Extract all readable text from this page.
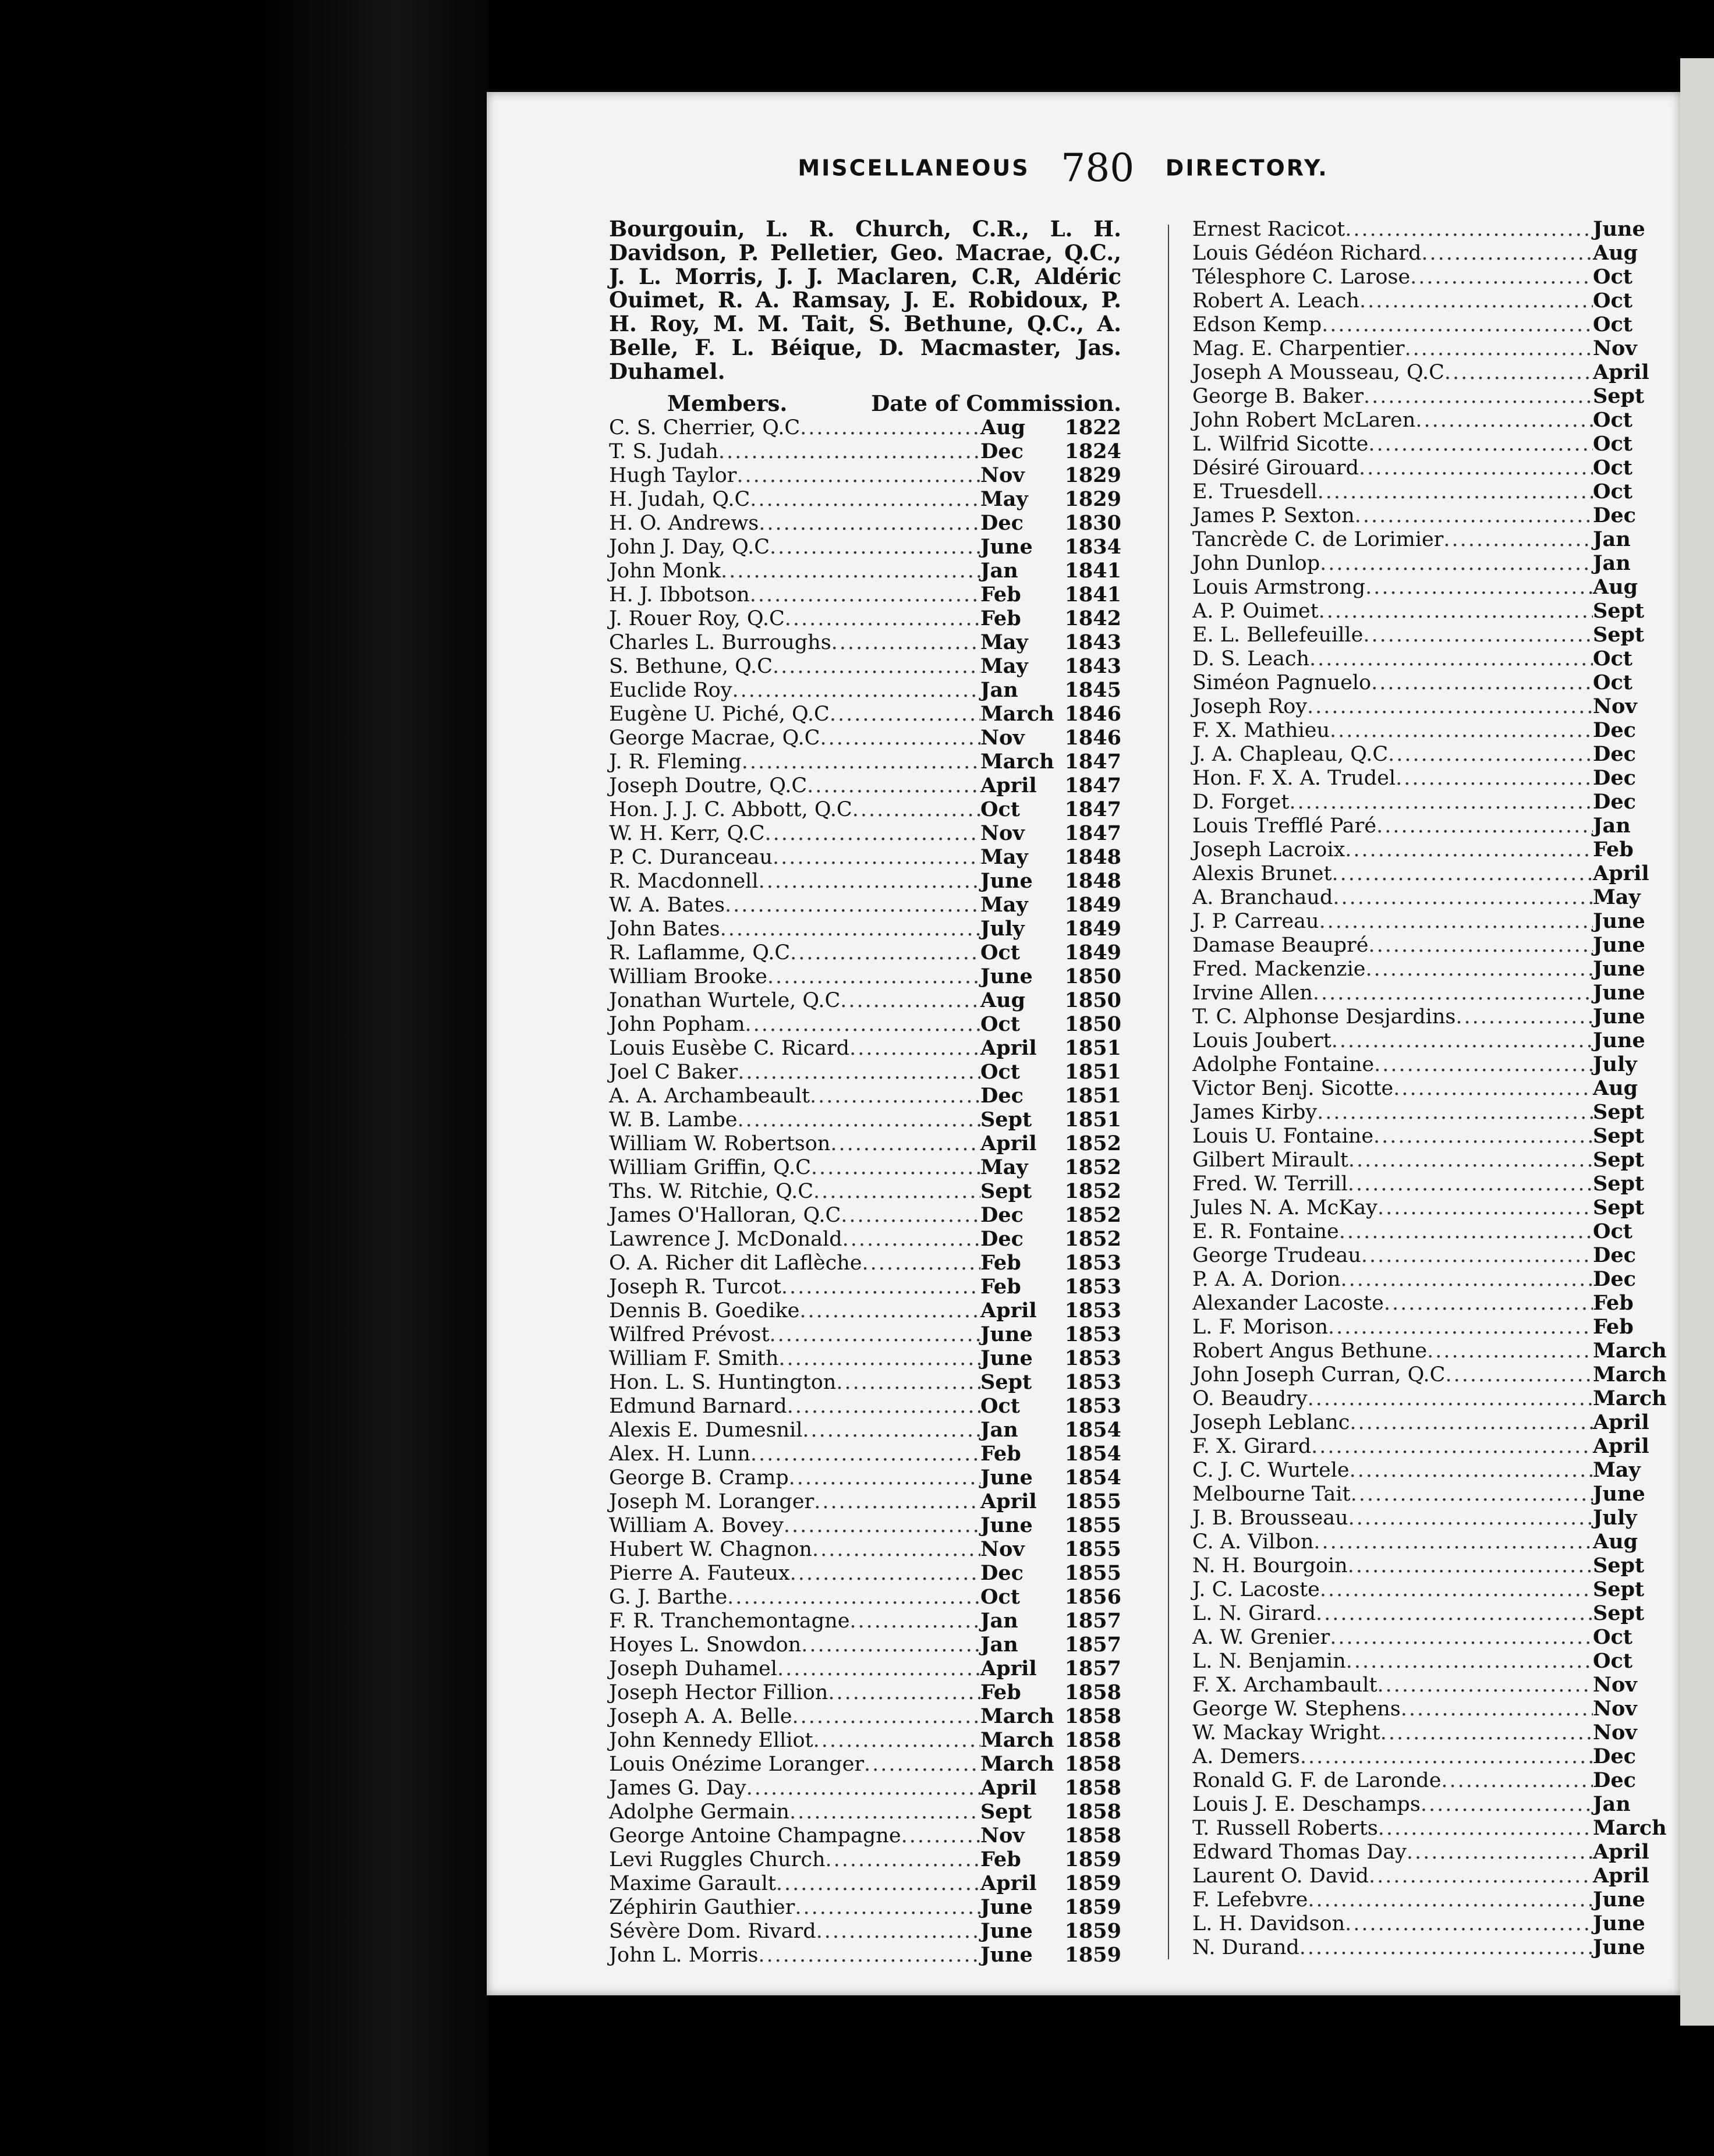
MISCELLANEOUS 780 DIRECTORY.

Bourgouin, L. R. Church, C.R., L. H. Davidson, P. Pelletier, Geo. Macrae, Q.C., J. L. Morris, J. J. Maclaren, C.R, Aldéric Ouimet, R. A. Ramsay, J. E. Robidoux, P. H. Roy, M. M. Tait, S. Bethune, Q.C., A. Belle, F. L. Béique, D. Macmaster, Jas. Duhamel.

Members.	Date of Commission.
C. S. Cherrier, Q.C .....	Aug	1822
T. S. Judah .....	Dec	1824
Hugh Taylor .....	Nov	1829
H. Judah, Q.C .....	May	1829
H. O. Andrews .....	Dec	1830
John J. Day, Q.C .....	June	1834
John Monk .....	Jan	1841
H. J. Ibbotson .....	Feb	1841
J. Rouer Roy, Q.C .....	Feb	1842
Charles L. Burroughs .....	May	1843
S. Bethune, Q.C .....	May	1843
Euclide Roy .....	Jan	1845
Eugène U. Piché, Q.C .....	March 1846
George Macrae, Q.C .....	Nov	1846
J. R. Fleming .....	March 1847
Joseph Doutre, Q.C .....	April	1847
Hon. J. J. C. Abbott, Q.C .....	Oct	1847
W. H. Kerr, Q.C .....	Nov	1847
P. C. Duranceau .....	May	1848
R. Macdonnell .....	June	1848
W. A. Bates .....	May	1849
John Bates .....	July	1849
R. Laflamme, Q.C .....	Oct	1849
William Brooke .....	June	1850
Jonathan Wurtele, Q.C .....	Aug	1850
John Popham .....	Oct	1850
Louis Eusèbe C. Ricard .....	April	1851
Joel C Baker .....	Oct	1851
A. A. Archambeault .....	Dec	1851
W. B. Lambe .....	Sept	1851
William W. Robertson .....	April	1852
William Griffin, Q.C .....	May	1852
Ths. W. Ritchie, Q.C .....	Sept	1852
James O'Halloran, Q.C .....	Dec	1852
Lawrence J. McDonald .....	Dec	1852
O. A. Richer dit Laflèche .....	Feb	1853
Joseph R. Turcot .....	Feb	1853
Dennis B. Goedike .....	April	1853
Wilfred Prévost .....	June	1853
William F. Smith .....	June	1853
Hon. L. S. Huntington .....	Sept	1853
Edmund Barnard .....	Oct	1853
Alexis E. Dumesnil .....	Jan	1854
Alex. H. Lunn .....	Feb	1854
George B. Cramp .....	June	1854
Joseph M. Loranger .....	April	1855
William A. Bovey .....	June	1855
Hubert W. Chagnon .....	Nov	1855
Pierre A. Fauteux .....	Dec	1855
G. J. Barthe .....	Oct	1856
F. R. Tranchemontagne .....	Jan	1857
Hoyes L. Snowdon .....	Jan	1857
Joseph Duhamel .....	April	1857
Joseph Hector Fillion .....	Feb	1858
Joseph A. A. Belle .....	March 1858
John Kennedy Elliot .....	March 1858
Louis Onézime Loranger .....	March 1858
James G. Day .....	April	1858
Adolphe Germain .....	Sept	1858
George Antoine Champagne .....	Nov	1858
Levi Ruggles Church .....	Feb	1859
Maxime Garault .....	April	1859
Zéphirin Gauthier .....	June	1859
Sévère Dom. Rivard .....	June	1859
John L. Morris .....	June	1859
Ernest Racicot .....	June
Louis Gédéon Richard .....	Aug
Télesphore C. Larose .....	Oct
Robert A. Leach .....	Oct
Edson Kemp .....	Oct
Mag. E. Charpentier .....	Nov
Joseph A Mousseau, Q.C .....	April
George B. Baker .....	Sept
John Robert McLaren .....	Oct
L. Wilfrid Sicotte .....	Oct
Désiré Girouard .....	Oct
E. Truesdell .....	Oct
James P. Sexton .....	Dec
Tancrède C. de Lorimier .....	Jan
John Dunlop .....	Jan
Louis Armstrong .....	Aug
A. P. Ouimet .....	Sept
E. L. Bellefeuille .....	Sept
D. S. Leach .....	Oct
Siméon Pagnuelo .....	Oct
Joseph Roy .....	Nov
F. X. Mathieu .....	Dec
J. A. Chapleau, Q.C .....	Dec
Hon. F. X. A. Trudel .....	Dec
D. Forget .....	Dec
Louis Trefflé Paré .....	Jan
Joseph Lacroix .....	Feb
Alexis Brunet .....	April
A. Branchaud .....	May
J. P. Carreau .....	June
Damase Beaupré .....	June
Fred. Mackenzie .....	June
Irvine Allen .....	June
T. C. Alphonse Desjardins .....	June
Louis Joubert .....	June
Adolphe Fontaine .....	July
Victor Benj. Sicotte .....	Aug
James Kirby .....	Sept
Louis U. Fontaine .....	Sept
Gilbert Mirault .....	Sept
Fred. W. Terrill .....	Sept
Jules N. A. McKay .....	Sept
E. R. Fontaine .....	Oct
George Trudeau .....	Dec
P. A. A. Dorion .....	Dec
Alexander Lacoste .....	Feb
L. F. Morison .....	Feb
Robert Angus Bethune .....	March
John Joseph Curran, Q.C .....	March
O. Beaudry .....	March
Joseph Leblanc .....	April
F. X. Girard .....	April
C. J. C. Wurtele .....	May
Melbourne Tait .....	June
J. B. Brousseau .....	July
C. A. Vilbon .....	Aug
N. H. Bourgoin .....	Sept
J. C. Lacoste .....	Sept
L. N. Girard .....	Sept
A. W. Grenier .....	Oct
L. N. Benjamin .....	Oct
F. X. Archambault .....	Nov
George W. Stephens .....	Nov
W. Mackay Wright .....	Nov
A. Demers .....	Dec
Ronald G. F. de Laronde .....	Dec
Louis J. E. Deschamps .....	Jan
T. Russell Roberts .....	March
Edward Thomas Day .....	April
Laurent O. David .....	April
F. Lefebvre .....	June
L. H. Davidson .....	June
N. Durand .....	June
